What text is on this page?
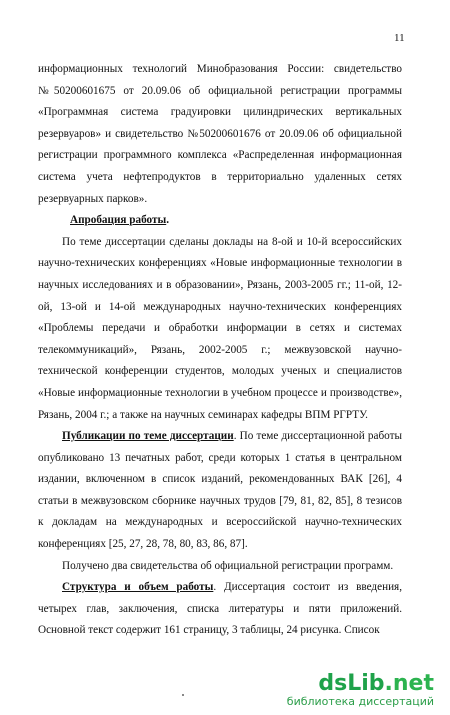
11

информационных технологий Минобразования России: свидетельство №50200601675 от 20.09.06 об официальной регистрации программы «Программная система градуировки цилиндрических вертикальных резервуаров» и свидетельство №50200601676 от 20.09.06 об официальной регистрации программного комплекса «Распределенная информационная система учета нефтепродуктов в территориально удаленных сетях резервуарных парков».

Апробация работы.

По теме диссертации сделаны доклады на 8-ой и 10-й всероссийских научно-технических конференциях «Новые информационные технологии в научных исследованиях и в образовании», Рязань, 2003-2005 гг.; 11-ой, 12-ой, 13-ой и 14-ой международных научно-технических конференциях «Проблемы передачи и обработки информации в сетях и системах телекоммуникаций», Рязань, 2002-2005 г.; межвузовской научно-технической конференции студентов, молодых ученых и специалистов «Новые информационные технологии в учебном процессе и производстве», Рязань, 2004 г.; а также на научных семинарах кафедры ВПМ РГРТУ.

Публикации по теме диссертации. По теме диссертационной работы опубликовано 13 печатных работ, среди которых 1 статья в центральном издании, включенном в список изданий, рекомендованных ВАК [26], 4 статьи в межвузовском сборнике научных трудов [79, 81, 82, 85], 8 тезисов к докладам на международных и всероссийской научно-технических конференциях [25, 27, 28, 78, 80, 83, 86, 87].

Получено два свидетельства об официальной регистрации программ.

Структура и объем работы. Диссертация состоит из введения, четырех глав, заключения, списка литературы и пяти приложений. Основной текст содержит 161 страницу, 3 таблицы, 24 рисунка. Список

dsLib.net
библиотека диссертаций
